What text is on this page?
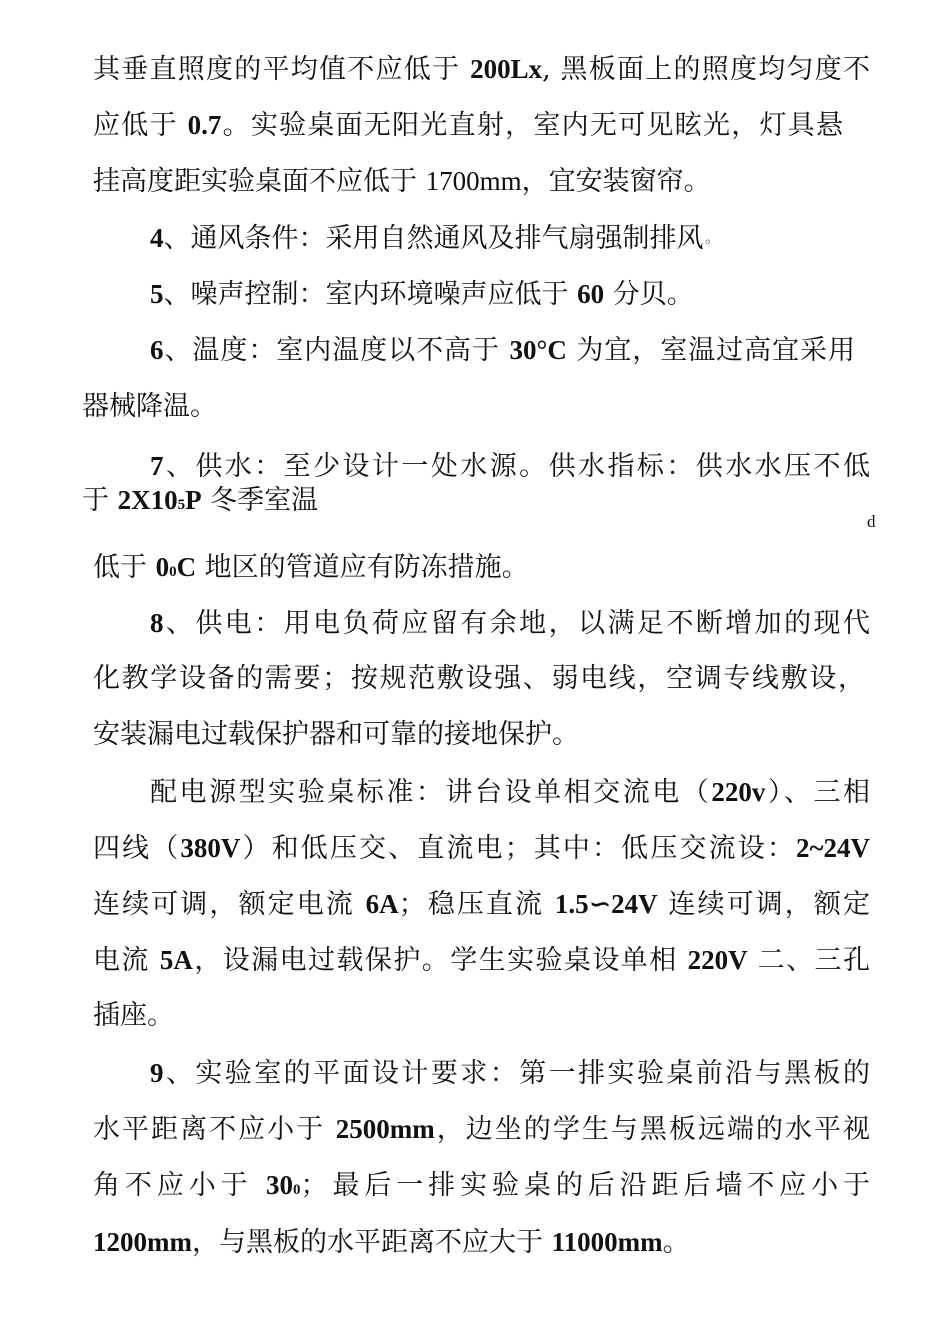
其垂直照度的平均值不应低于 200Lx, 黑板面上的照度均匀度不
应低于 0.7。实验桌面无阳光直射，室内无可见眩光，灯具悬
挂高度距实验桌面不应低于 1700mm，宜安装窗帘。
4、通风条件：采用自然通风及排气扇强制排风◦
5、噪声控制：室内环境噪声应低于 60 分贝。
6、温度：室内温度以不高于 30°C 为宜，室温过高宜采用
器械降温。
7、供水：至少设计一处水源。供水指标：供水水压不低
于 2X105P 冬季室温
d
低于 00C 地区的管道应有防冻措施。
8、供电：用电负荷应留有余地，以满足不断增加的现代
化教学设备的需要；按规范敷设强、弱电线，空调专线敷设，
安装漏电过载保护器和可靠的接地保护。
配电源型实验桌标准：讲台设单相交流电（220v）、三相
四线（380V）和低压交、直流电；其中：低压交流设：2~24V
连续可调，额定电流 6A；稳压直流 1.5∽24V 连续可调，额定
电流 5A，设漏电过载保护。学生实验桌设单相 220V 二、三孔
插座。
9、实验室的平面设计要求：第一排实验桌前沿与黑板的
水平距离不应小于 2500mm，边坐的学生与黑板远端的水平视
角不应小于 300；最后一排实验桌的后沿距后墙不应小于
1200mm，与黑板的水平距离不应大于 11000mm。
